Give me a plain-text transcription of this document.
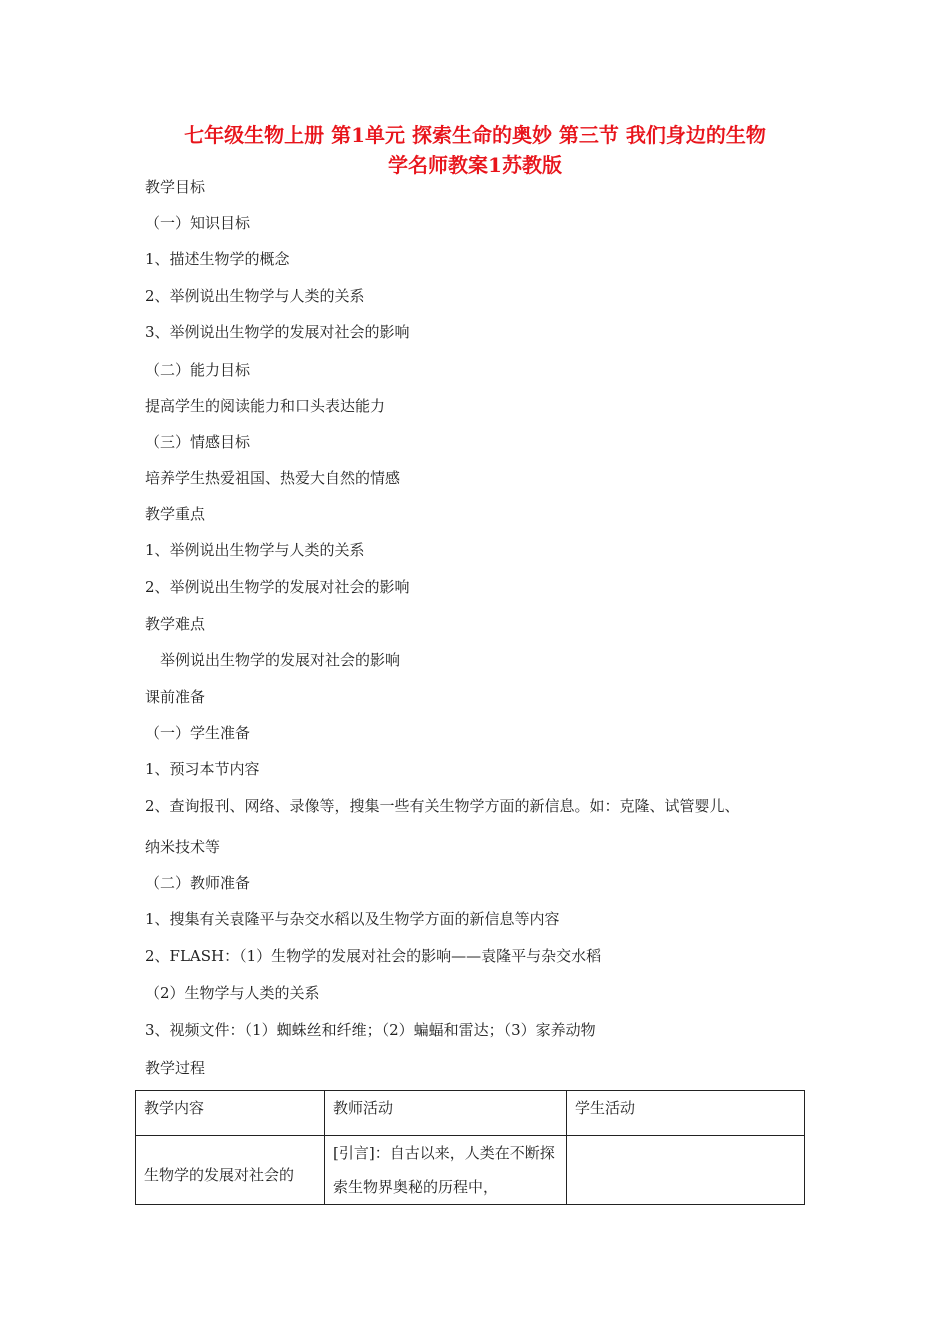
七年级生物上册 第1单元 探索生命的奥妙 第三节 我们身边的生物
学名师教案1苏教版
教学目标
（一）知识目标
1、描述生物学的概念
2、举例说出生物学与人类的关系
3、举例说出生物学的发展对社会的影响
（二）能力目标
提高学生的阅读能力和口头表达能力
（三）情感目标
培养学生热爱祖国、热爱大自然的情感
教学重点
1、举例说出生物学与人类的关系
2、举例说出生物学的发展对社会的影响
教学难点
举例说出生物学的发展对社会的影响
课前准备
（一）学生准备
1、预习本节内容
2、查询报刊、网络、录像等，搜集一些有关生物学方面的新信息。如：克隆、试管婴儿、
纳米技术等
（二）教师准备
1、搜集有关袁隆平与杂交水稻以及生物学方面的新信息等内容
2、FLASH：（1）生物学的发展对社会的影响——袁隆平与杂交水稻
（2）生物学与人类的关系
3、视频文件：（1）蜘蛛丝和纤维；（2）蝙蝠和雷达；（3）家养动物
教学过程
教学内容	教师活动	学生活动

生物学的发展对社会的	[引言]：自古以来，人类在不断探索生物界奥秘的历程中，	
